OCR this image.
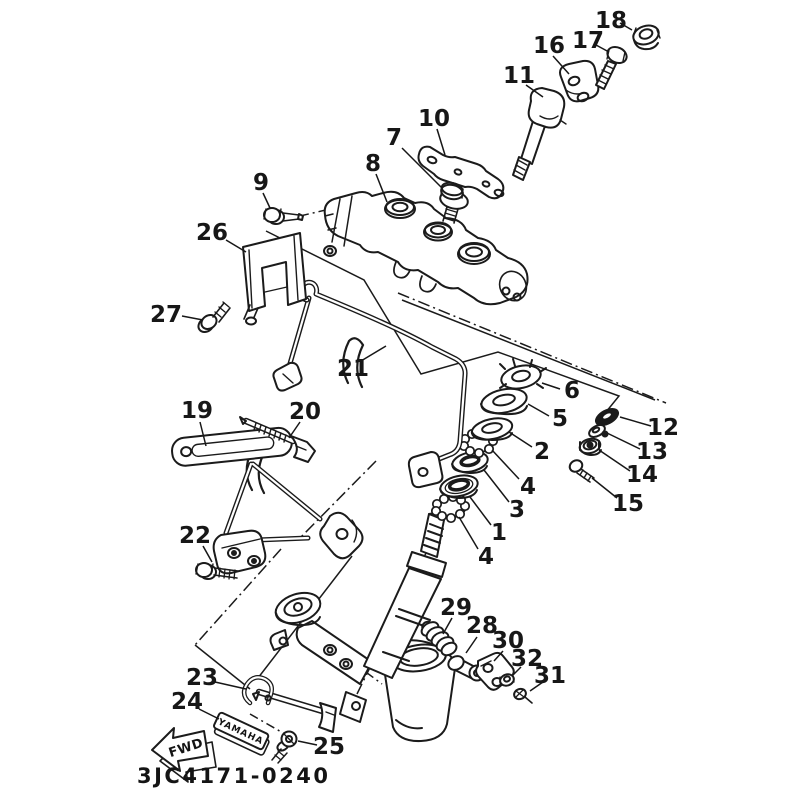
YAMAHA
FWD
3JC4171-0240
1
2
3
4
4
5
6
7
8
9
10
11
12
13
14
15
16 17
18
19	20
21
22
23
24
25
26
27
28
29
30
31
32
